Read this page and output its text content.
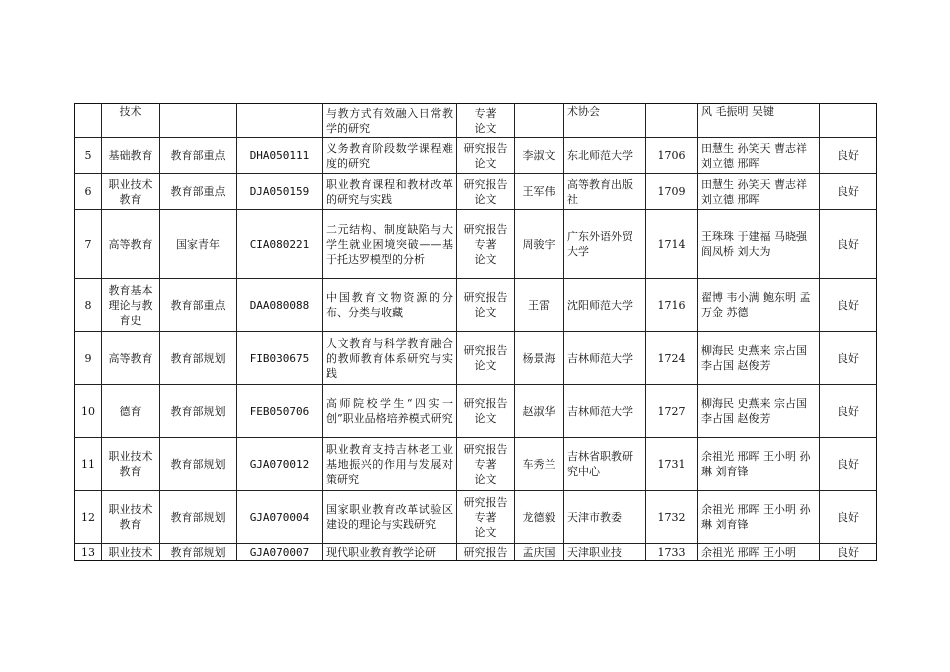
	技术			与教方式有效融入日常教学的研究	专著
论文		术协会		风 毛振明 吴键	
5	基础教育	教育部重点	DHA050111	义务教育阶段数学课程难度的研究	研究报告
论文	李淑文	东北师范大学	1706	田慧生 孙笑天 曹志祥 刘立德 邢晖	良好
6	职业技术教育	教育部重点	DJA050159	职业教育课程和教材改革的研究与实践	研究报告
论文	王军伟	高等教育出版社	1709	田慧生 孙笑天 曹志祥 刘立德 邢晖	良好
7	高等教育	国家青年	CIA080221	二元结构、制度缺陷与大学生就业困境突破——基于托达罗模型的分析	研究报告
专著
论文	周骏宇	广东外语外贸大学	1714	王珠珠 于建福 马晓强 阎凤桥 刘大为	良好
8	教育基本理论与教育史	教育部重点	DAA080088	中国教育文物资源的分布、分类与收藏	研究报告
论文	王雷	沈阳师范大学	1716	翟博 韦小满 鲍东明 孟万金 苏德	良好
9	高等教育	教育部规划	FIB030675	人文教育与科学教育融合的教师教育体系研究与实践	研究报告
论文	杨景海	吉林师范大学	1724	柳海民 史燕来 宗占国 李占国 赵俊芳	良好
10	德育	教育部规划	FEB050706	高师院校学生“四实一创”职业品格培养模式研究	研究报告
论文	赵淑华	吉林师范大学	1727	柳海民 史燕来 宗占国 李占国 赵俊芳	良好
11	职业技术教育	教育部规划	GJA070012	职业教育支持吉林老工业基地振兴的作用与发展对策研究	研究报告
专著
论文	车秀兰	吉林省职教研究中心	1731	余祖光 邢晖 王小明 孙琳 刘育锋	良好
12	职业技术教育	教育部规划	GJA070004	国家职业教育改革试验区建设的理论与实践研究	研究报告
专著
论文	龙德毅	天津市教委	1732	余祖光 邢晖 王小明 孙琳 刘育锋	良好
13	职业技术	教育部规划	GJA070007	现代职业教育教学论研	研究报告	孟庆国	天津职业技	1733	余祖光 邢晖 王小明	良好
